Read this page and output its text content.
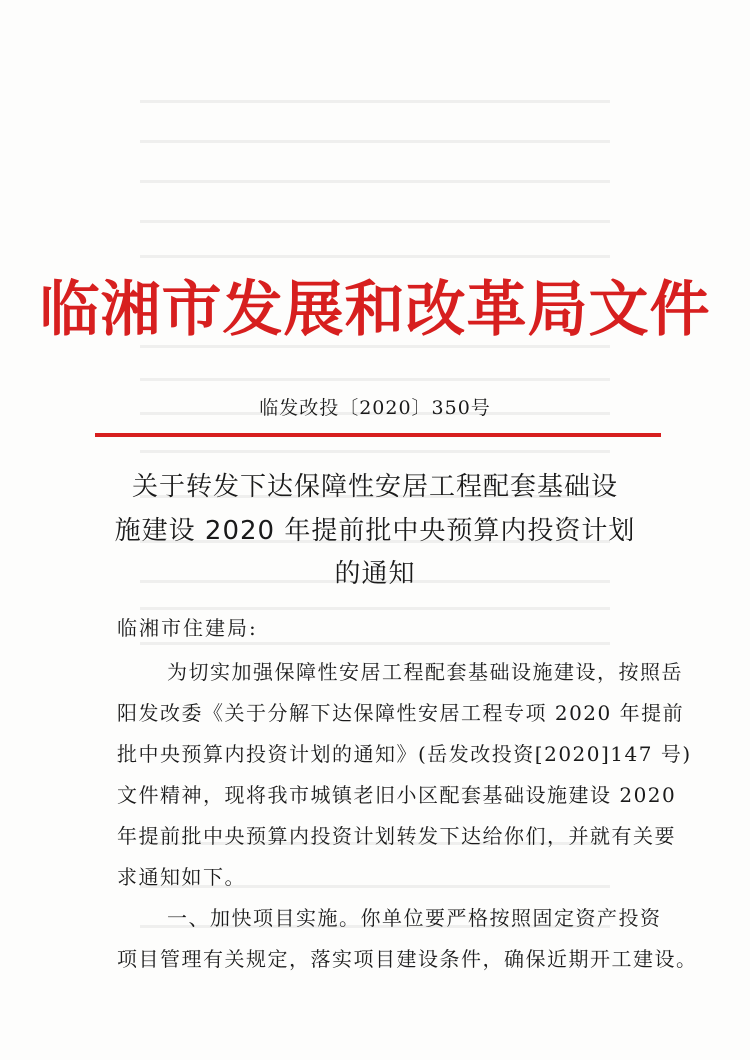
临湘市发展和改革局文件
临发改投〔2020〕350号
关于转发下达保障性安居工程配套基础设
施建设 2020 年提前批中央预算内投资计划
的通知
临湘市住建局:
为切实加强保障性安居工程配套基础设施建设，按照岳
阳发改委《关于分解下达保障性安居工程专项 2020 年提前
批中央预算内投资计划的通知》(岳发改投资[2020]147 号)
文件精神，现将我市城镇老旧小区配套基础设施建设 2020
年提前批中央预算内投资计划转发下达给你们，并就有关要
求通知如下。
一、加快项目实施。你单位要严格按照固定资产投资
项目管理有关规定，落实项目建设条件，确保近期开工建设。
